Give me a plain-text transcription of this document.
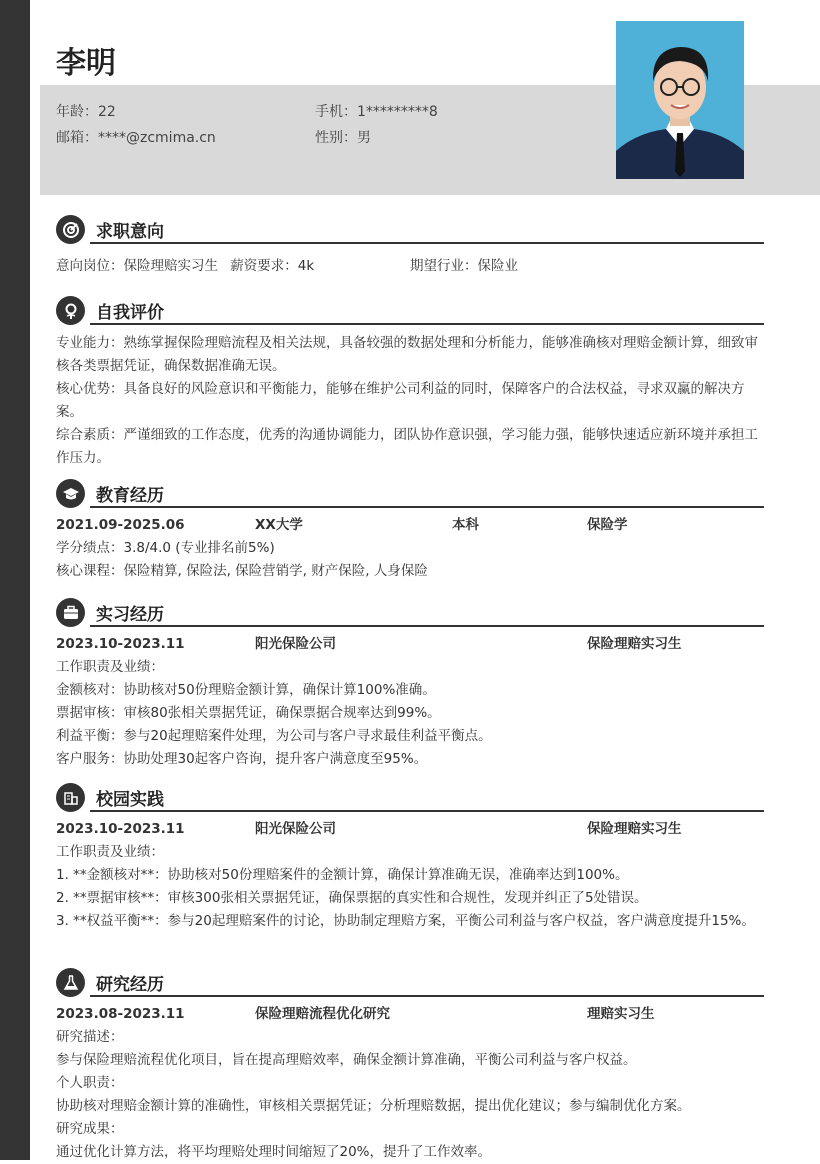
李明
年龄：22	手机：1*********8
邮箱：****@zcmima.cn	性别：男
求职意向
意向岗位：保险理赔实习生 薪资要求：4k	期望行业：保险业
自我评价
专业能力：熟练掌握保险理赔流程及相关法规，具备较强的数据处理和分析能力，能够准确核对理赔金额计算，细致审核各类票据凭证，确保数据准确无误。
核心优势：具备良好的风险意识和平衡能力，能够在维护公司利益的同时，保障客户的合法权益，寻求双赢的解决方案。
综合素质：严谨细致的工作态度，优秀的沟通协调能力，团队协作意识强，学习能力强，能够快速适应新环境并承担工作压力。
教育经历
2021.09-2025.06	XX大学	本科	保险学
学分绩点：3.8/4.0 (专业排名前5%)
核心课程：保险精算, 保险法, 保险营销学, 财产保险, 人身保险
实习经历
2023.10-2023.11	阳光保险公司	保险理赔实习生
工作职责及业绩：
金额核对：协助核对50份理赔金额计算，确保计算100%准确。
票据审核：审核80张相关票据凭证，确保票据合规率达到99%。
利益平衡：参与20起理赔案件处理，为公司与客户寻求最佳利益平衡点。
客户服务：协助处理30起客户咨询，提升客户满意度至95%。
校园实践
2023.10-2023.11	阳光保险公司	保险理赔实习生
工作职责及业绩：
1. **金额核对**：协助核对50份理赔案件的金额计算，确保计算准确无误，准确率达到100%。
2. **票据审核**：审核300张相关票据凭证，确保票据的真实性和合规性，发现并纠正了5处错误。
3. **权益平衡**：参与20起理赔案件的讨论，协助制定理赔方案，平衡公司利益与客户权益，客户满意度提升15%。
研究经历
2023.08-2023.11	保险理赔流程优化研究	理赔实习生
研究描述：
参与保险理赔流程优化项目，旨在提高理赔效率，确保金额计算准确，平衡公司利益与客户权益。
个人职责：
协助核对理赔金额计算的准确性，审核相关票据凭证；分析理赔数据，提出优化建议；参与编制优化方案。
研究成果：
通过优化计算方法，将平均理赔处理时间缩短了20%，提升了工作效率。
